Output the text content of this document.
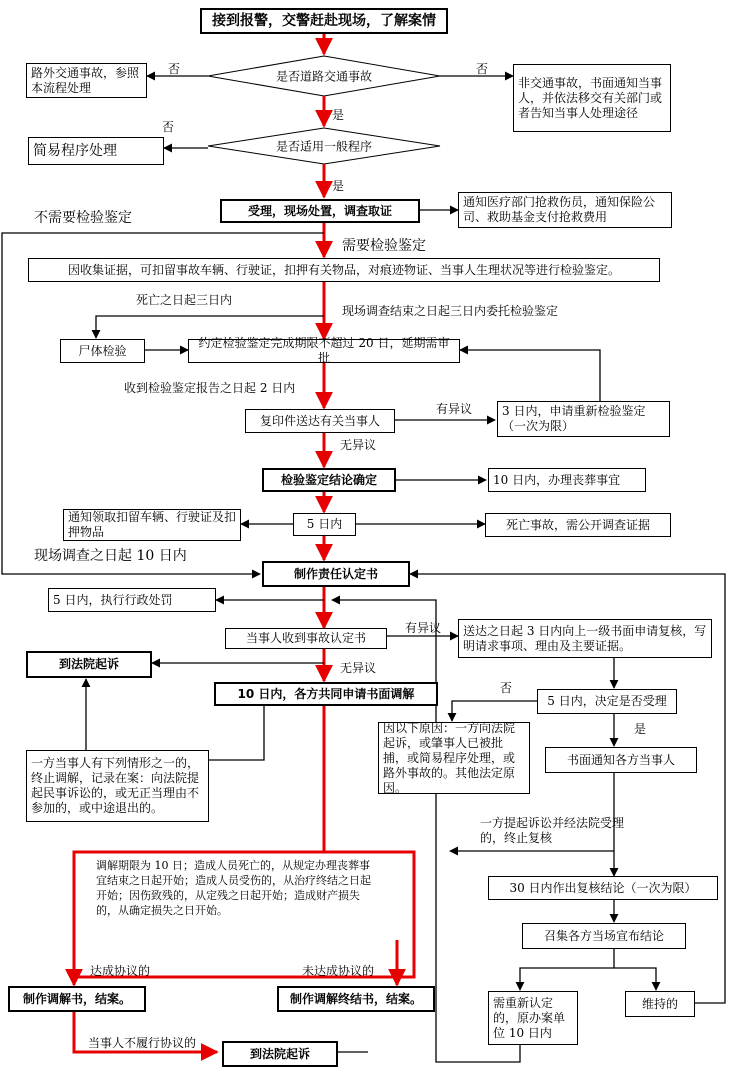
接到报警，交警赶赴现场，了解案情
路外交通事故，参照本流程处理	非交通事故，书面通知当事人，并依法移交有关部门或者告知当事人处理途径
简易程序处理
受理，现场处置，调查取证
通知医疗部门抢救伤员，通知保险公司、救助基金支付抢救费用
因收集证据，可扣留事故车辆、行驶证，扣押有关物品，对痕迹物证、当事人生理状况等进行检验鉴定。
尸体检验
约定检验鉴定完成期限不超过 20 日，延期需审批
复印件送达有关当事人
3 日内，申请重新检验鉴定（一次为限）
检验鉴定结论确定	10 日内，办理丧葬事宜
通知领取扣留车辆、行驶证及扣押物品
5 日内	死亡事故，需公开调查证据
制作责任认定书
5 日内，执行行政处罚
当事人收到事故认定书
送达之日起 3 日内向上一级书面申请复核，写明请求事项、理由及主要证据。
到法院起诉
10 日内，各方共同申请书面调解
5 日内，决定是否受理
因以下原因：一方向法院起诉，或肇事人已被批捕，或简易程序处理，或路外事故的。其他法定原因。
书面通知各方当事人
一方当事人有下列情形之一的，终止调解，记录在案：向法院提起民事诉讼的，或无正当理由不参加的，或中途退出的。
30 日内作出复核结论（一次为限）
召集各方当场宣布结论
制作调解书，结案。	制作调解终结书，结案。	需重新认定的，原办案单位 10 日内
维持的
到法院起诉
是否道路交通事故
是否适用一般程序
调解期限为 10 日；造成人员死亡的，从规定办理丧葬事宜结束之日起开始；造成人员受伤的，从治疗终结之日起开始；因伤致残的，从定残之日起开始；造成财产损失的，从确定损失之日开始。
否	否
是
否
是
不需要检验鉴定
需要检验鉴定
死亡之日起三日内
现场调查结束之日起三日内委托检验鉴定
收到检验鉴定报告之日起 2 日内
有异议
无异议
现场调查之日起 10 日内
有异议
无异议
否
是
一方提起诉讼并经法院受理的，终止复核
达成协议的	未达成协议的
当事人不履行协议的
